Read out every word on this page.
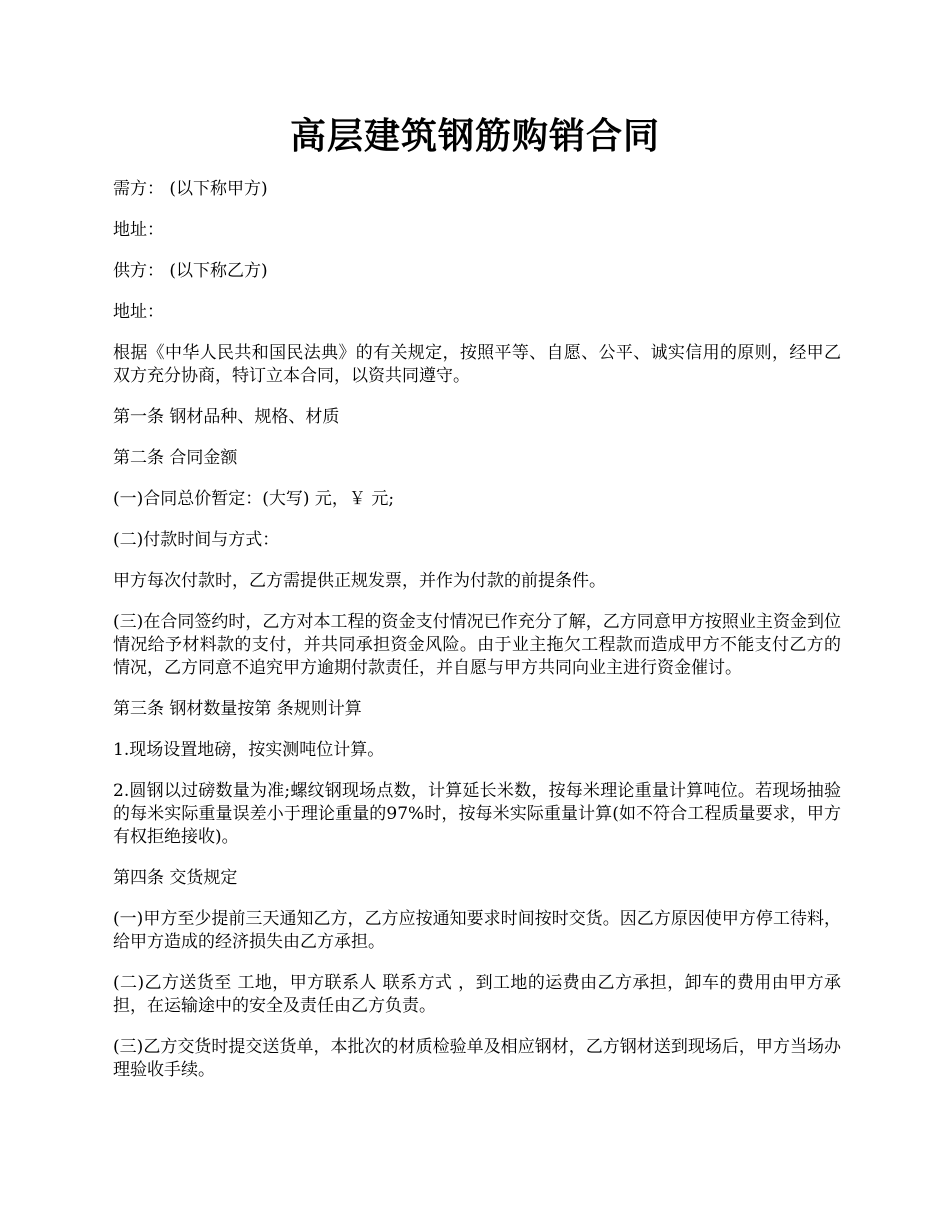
高层建筑钢筋购销合同

需方： (以下称甲方)

地址：

供方： (以下称乙方)

地址：

根据《中华人民共和国民法典》的有关规定，按照平等、自愿、公平、诚实信用的原则，经甲乙双方充分协商，特订立本合同，以资共同遵守。

第一条 钢材品种、规格、材质

第二条 合同金额

(一)合同总价暂定：(大写) 元，￥ 元;

(二)付款时间与方式：

甲方每次付款时，乙方需提供正规发票，并作为付款的前提条件。

(三)在合同签约时，乙方对本工程的资金支付情况已作充分了解，乙方同意甲方按照业主资金到位情况给予材料款的支付，并共同承担资金风险。由于业主拖欠工程款而造成甲方不能支付乙方的情况，乙方同意不追究甲方逾期付款责任，并自愿与甲方共同向业主进行资金催讨。

第三条 钢材数量按第 条规则计算

1.现场设置地磅，按实测吨位计算。

2.圆钢以过磅数量为准;螺纹钢现场点数，计算延长米数，按每米理论重量计算吨位。若现场抽验的每米实际重量误差小于理论重量的97%时，按每米实际重量计算(如不符合工程质量要求，甲方有权拒绝接收)。

第四条 交货规定

(一)甲方至少提前三天通知乙方，乙方应按通知要求时间按时交货。因乙方原因使甲方停工待料，给甲方造成的经济损失由乙方承担。

(二)乙方送货至 工地，甲方联系人 联系方式 ，到工地的运费由乙方承担，卸车的费用由甲方承担，在运输途中的安全及责任由乙方负责。

(三)乙方交货时提交送货单，本批次的材质检验单及相应钢材，乙方钢材送到现场后，甲方当场办理验收手续。
